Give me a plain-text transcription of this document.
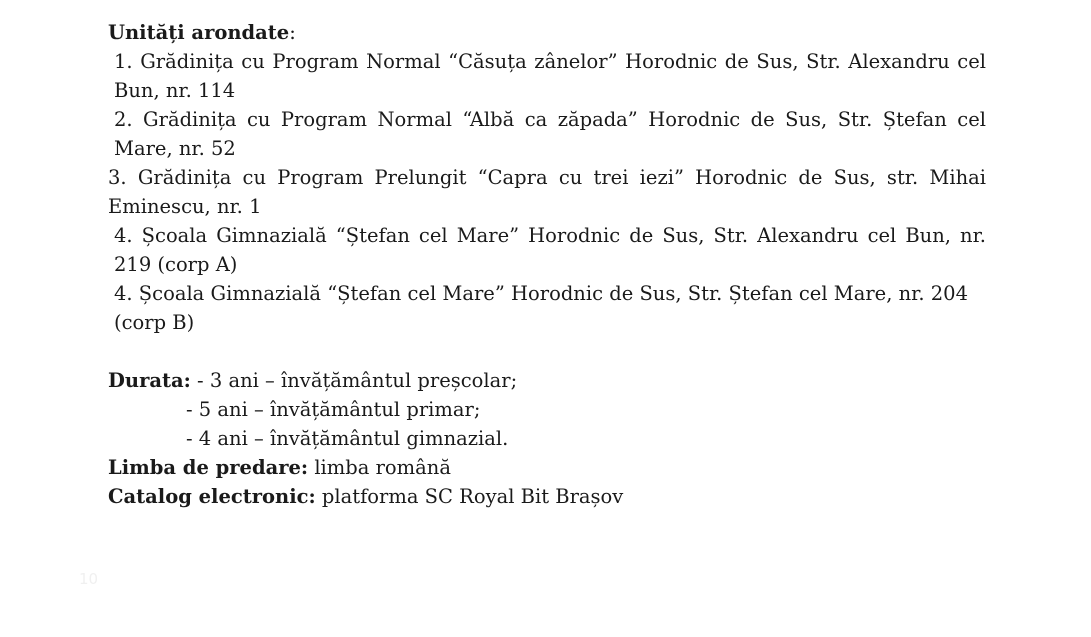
Unități arondate:

1. Grădinița cu Program Normal “Căsuța zânelor” Horodnic de Sus, Str. Alexandru cel Bun, nr. 114

2. Grădinița cu Program Normal “Albă ca zăpada” Horodnic de Sus, Str. Ștefan cel Mare, nr. 52

3. Grădinița cu Program Prelungit “Capra cu trei iezi” Horodnic de Sus, str. Mihai Eminescu, nr. 1

4. Școala Gimnazială “Ștefan cel Mare” Horodnic de Sus, Str. Alexandru cel Bun, nr. 219 (corp A)

4. Școala Gimnazială “Ștefan cel Mare” Horodnic de Sus, Str. Ștefan cel Mare, nr. 204
(corp B)

Durata: - 3 ani – învățământul preșcolar;

- 5 ani – învățământul primar;

- 4 ani – învățământul gimnazial.

Limba de predare: limba română

Catalog electronic: platforma SC Royal Bit Brașov

10
